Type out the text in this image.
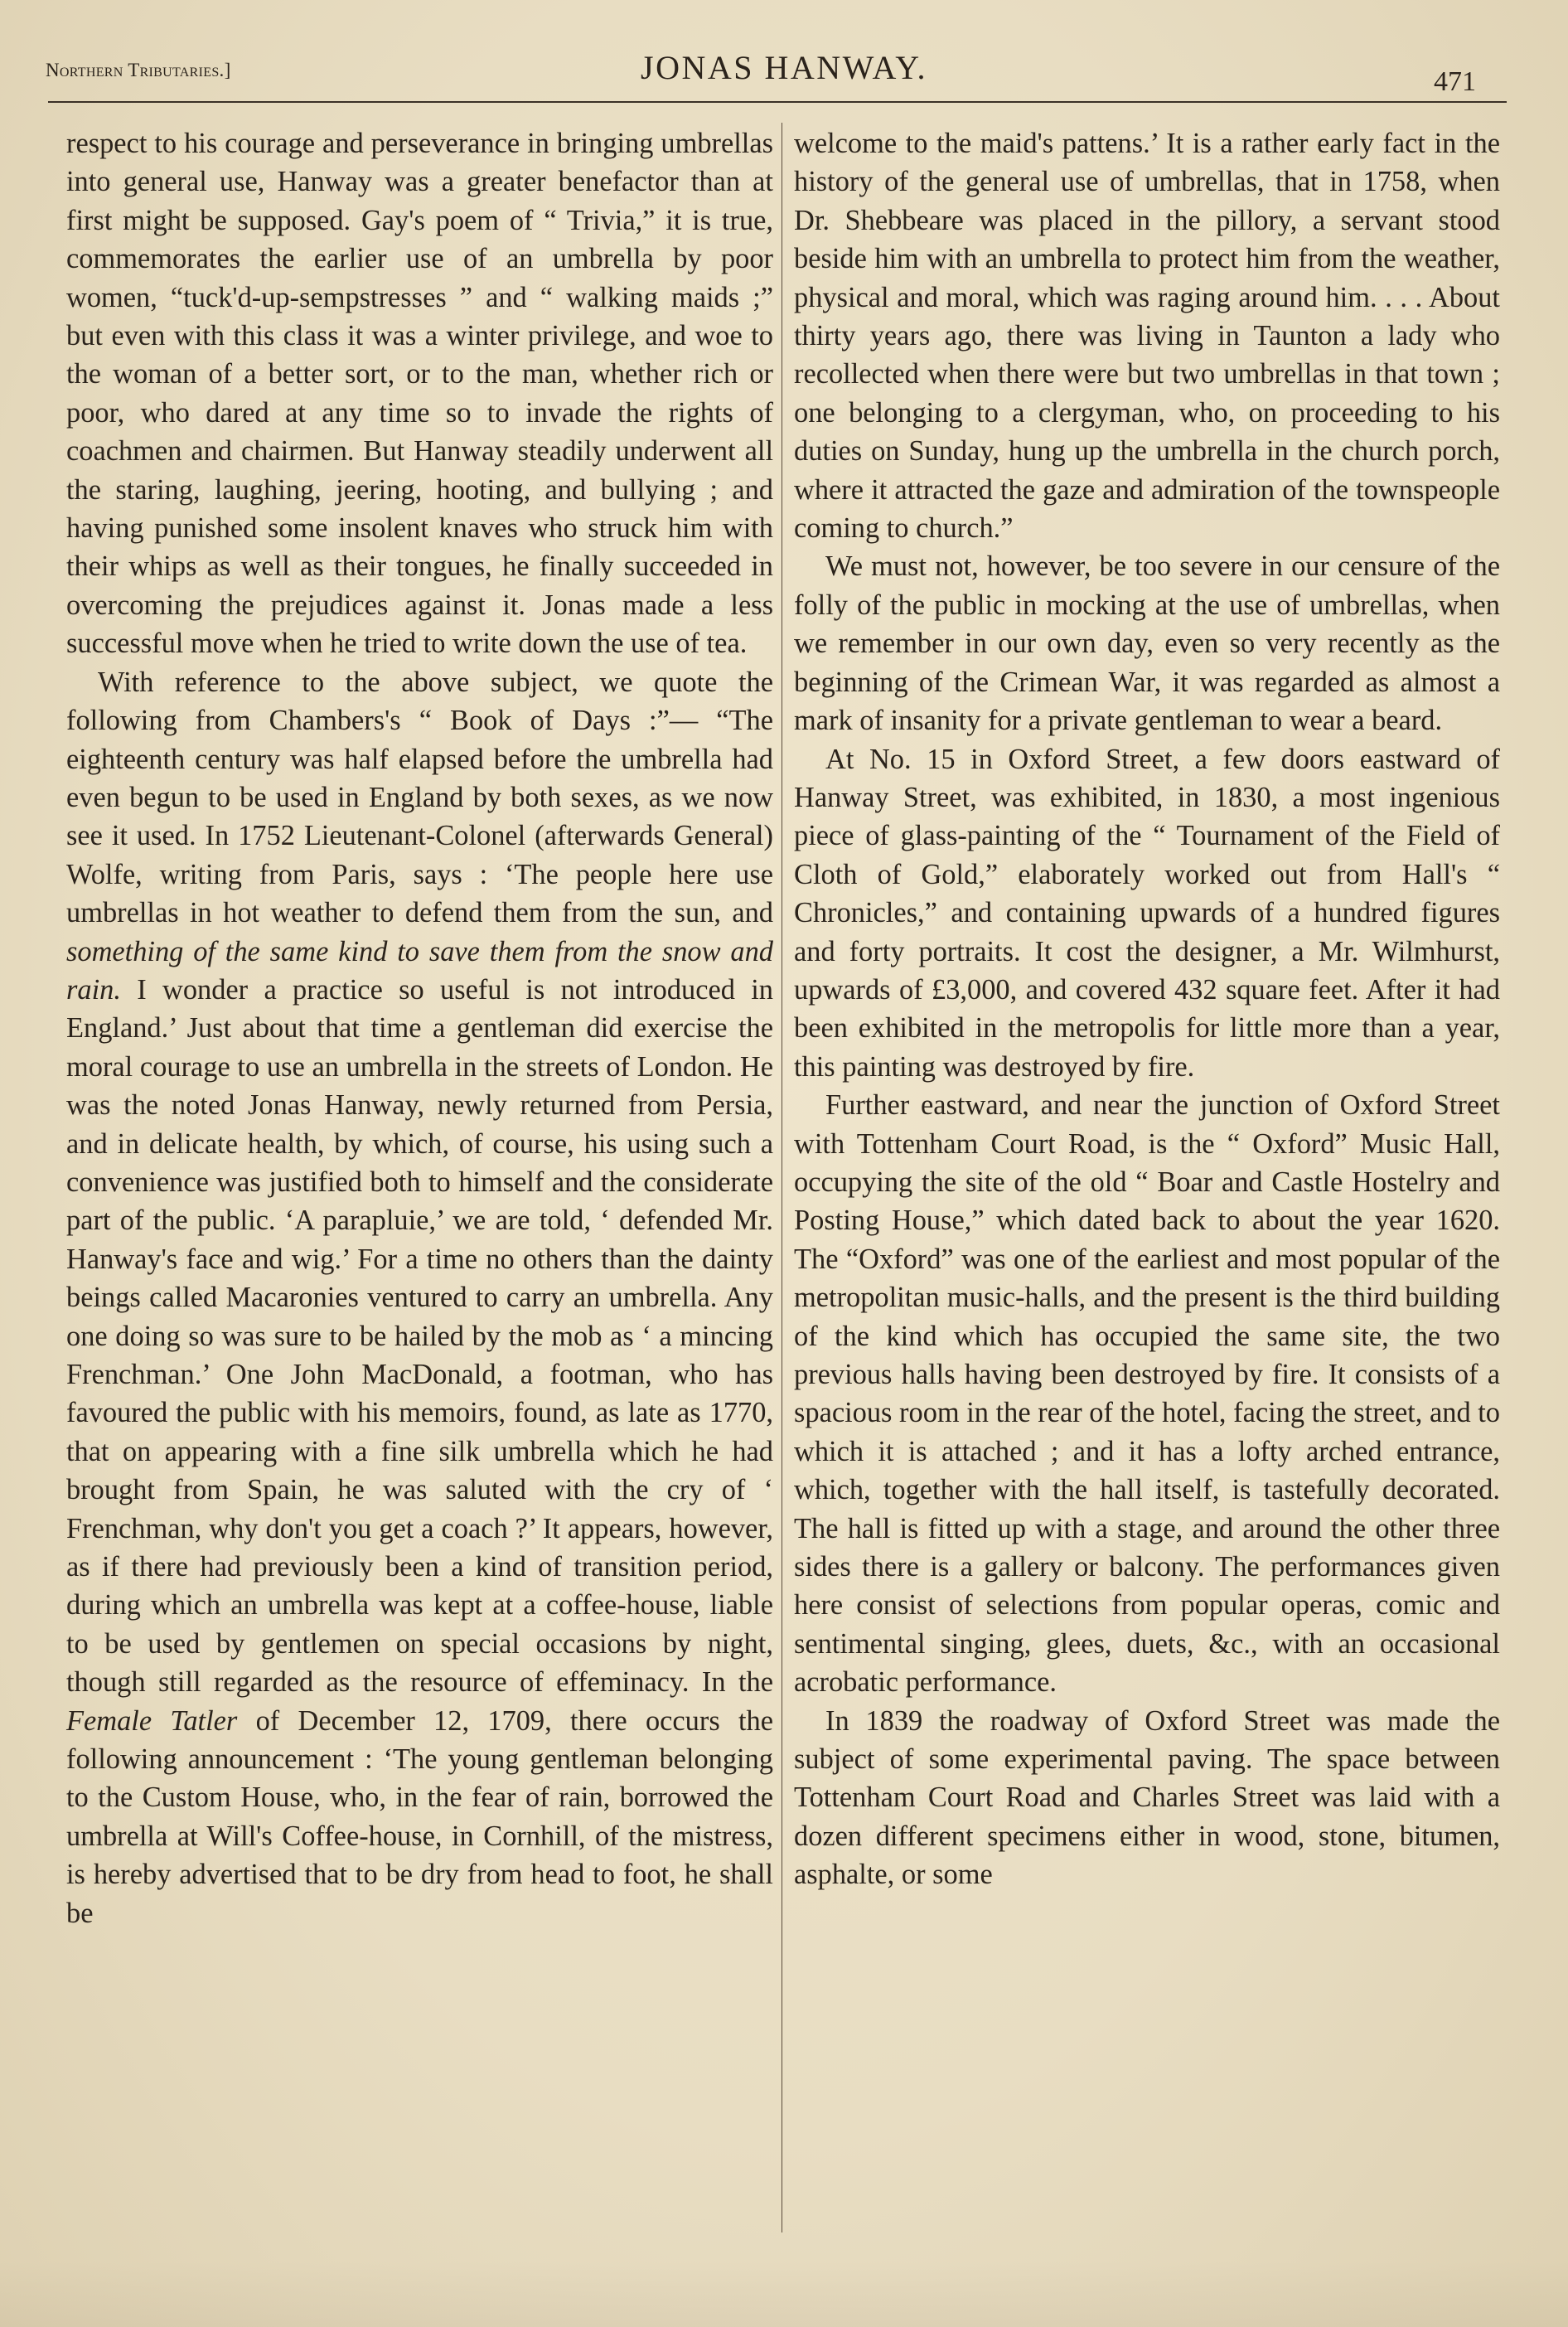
Northern Tributaries.]	JONAS HANWAY.	471

respect to his courage and perseverance in bringing umbrellas into general use, Hanway was a greater benefactor than at first might be supposed. Gay's poem of “ Trivia,” it is true, commemorates the earlier use of an umbrella by poor women, “tuck'd-up-sempstresses ” and “ walking maids ;” but even with this class it was a winter privilege, and woe to the woman of a better sort, or to the man, whether rich or poor, who dared at any time so to invade the rights of coachmen and chairmen. But Hanway steadily underwent all the staring, laughing, jeering, hooting, and bullying ; and having punished some insolent knaves who struck him with their whips as well as their tongues, he finally succeeded in overcoming the prejudices against it. Jonas made a less successful move when he tried to write down the use of tea.

With reference to the above subject, we quote the following from Chambers's “ Book of Days :”— “The eighteenth century was half elapsed before the umbrella had even begun to be used in England by both sexes, as we now see it used. In 1752 Lieutenant-Colonel (afterwards General) Wolfe, writing from Paris, says : ‘The people here use umbrellas in hot weather to defend them from the sun, and something of the same kind to save them from the snow and rain. I wonder a practice so useful is not introduced in England.’ Just about that time a gentleman did exercise the moral courage to use an umbrella in the streets of London. He was the noted Jonas Hanway, newly returned from Persia, and in delicate health, by which, of course, his using such a convenience was justified both to himself and the considerate part of the public. ‘A parapluie,’ we are told, ‘ defended Mr. Hanway's face and wig.’ For a time no others than the dainty beings called Macaronies ventured to carry an umbrella. Any one doing so was sure to be hailed by the mob as ‘ a mincing Frenchman.’ One John MacDonald, a footman, who has favoured the public with his memoirs, found, as late as 1770, that on appearing with a fine silk umbrella which he had brought from Spain, he was saluted with the cry of ‘ Frenchman, why don't you get a coach ?’ It appears, however, as if there had previously been a kind of transition period, during which an umbrella was kept at a coffee-house, liable to be used by gentlemen on special occasions by night, though still regarded as the resource of effeminacy. In the Female Tatler of December 12, 1709, there occurs the following announcement : ‘The young gentleman belonging to the Custom House, who, in the fear of rain, borrowed the umbrella at Will's Coffee-house, in Cornhill, of the mistress, is hereby advertised that to be dry from head to foot, he shall be

welcome to the maid's pattens.’ It is a rather early fact in the history of the general use of umbrellas, that in 1758, when Dr. Shebbeare was placed in the pillory, a servant stood beside him with an umbrella to protect him from the weather, physical and moral, which was raging around him. . . . About thirty years ago, there was living in Taunton a lady who recollected when there were but two umbrellas in that town ; one belonging to a clergyman, who, on proceeding to his duties on Sunday, hung up the umbrella in the church porch, where it attracted the gaze and admiration of the townspeople coming to church.”

We must not, however, be too severe in our censure of the folly of the public in mocking at the use of umbrellas, when we remember in our own day, even so very recently as the beginning of the Crimean War, it was regarded as almost a mark of insanity for a private gentleman to wear a beard.

At No. 15 in Oxford Street, a few doors eastward of Hanway Street, was exhibited, in 1830, a most ingenious piece of glass-painting of the “ Tournament of the Field of Cloth of Gold,” elaborately worked out from Hall's “ Chronicles,” and containing upwards of a hundred figures and forty portraits. It cost the designer, a Mr. Wilmhurst, upwards of £3,000, and covered 432 square feet. After it had been exhibited in the metropolis for little more than a year, this painting was destroyed by fire.

Further eastward, and near the junction of Oxford Street with Tottenham Court Road, is the “ Oxford” Music Hall, occupying the site of the old “ Boar and Castle Hostelry and Posting House,” which dated back to about the year 1620. The “Oxford” was one of the earliest and most popular of the metropolitan music-halls, and the present is the third building of the kind which has occupied the same site, the two previous halls having been destroyed by fire. It consists of a spacious room in the rear of the hotel, facing the street, and to which it is attached ; and it has a lofty arched entrance, which, together with the hall itself, is tastefully decorated. The hall is fitted up with a stage, and around the other three sides there is a gallery or balcony. The performances given here consist of selections from popular operas, comic and sentimental singing, glees, duets, &c., with an occasional acrobatic performance.

In 1839 the roadway of Oxford Street was made the subject of some experimental paving. The space between Tottenham Court Road and Charles Street was laid with a dozen different specimens either in wood, stone, bitumen, asphalte, or some
